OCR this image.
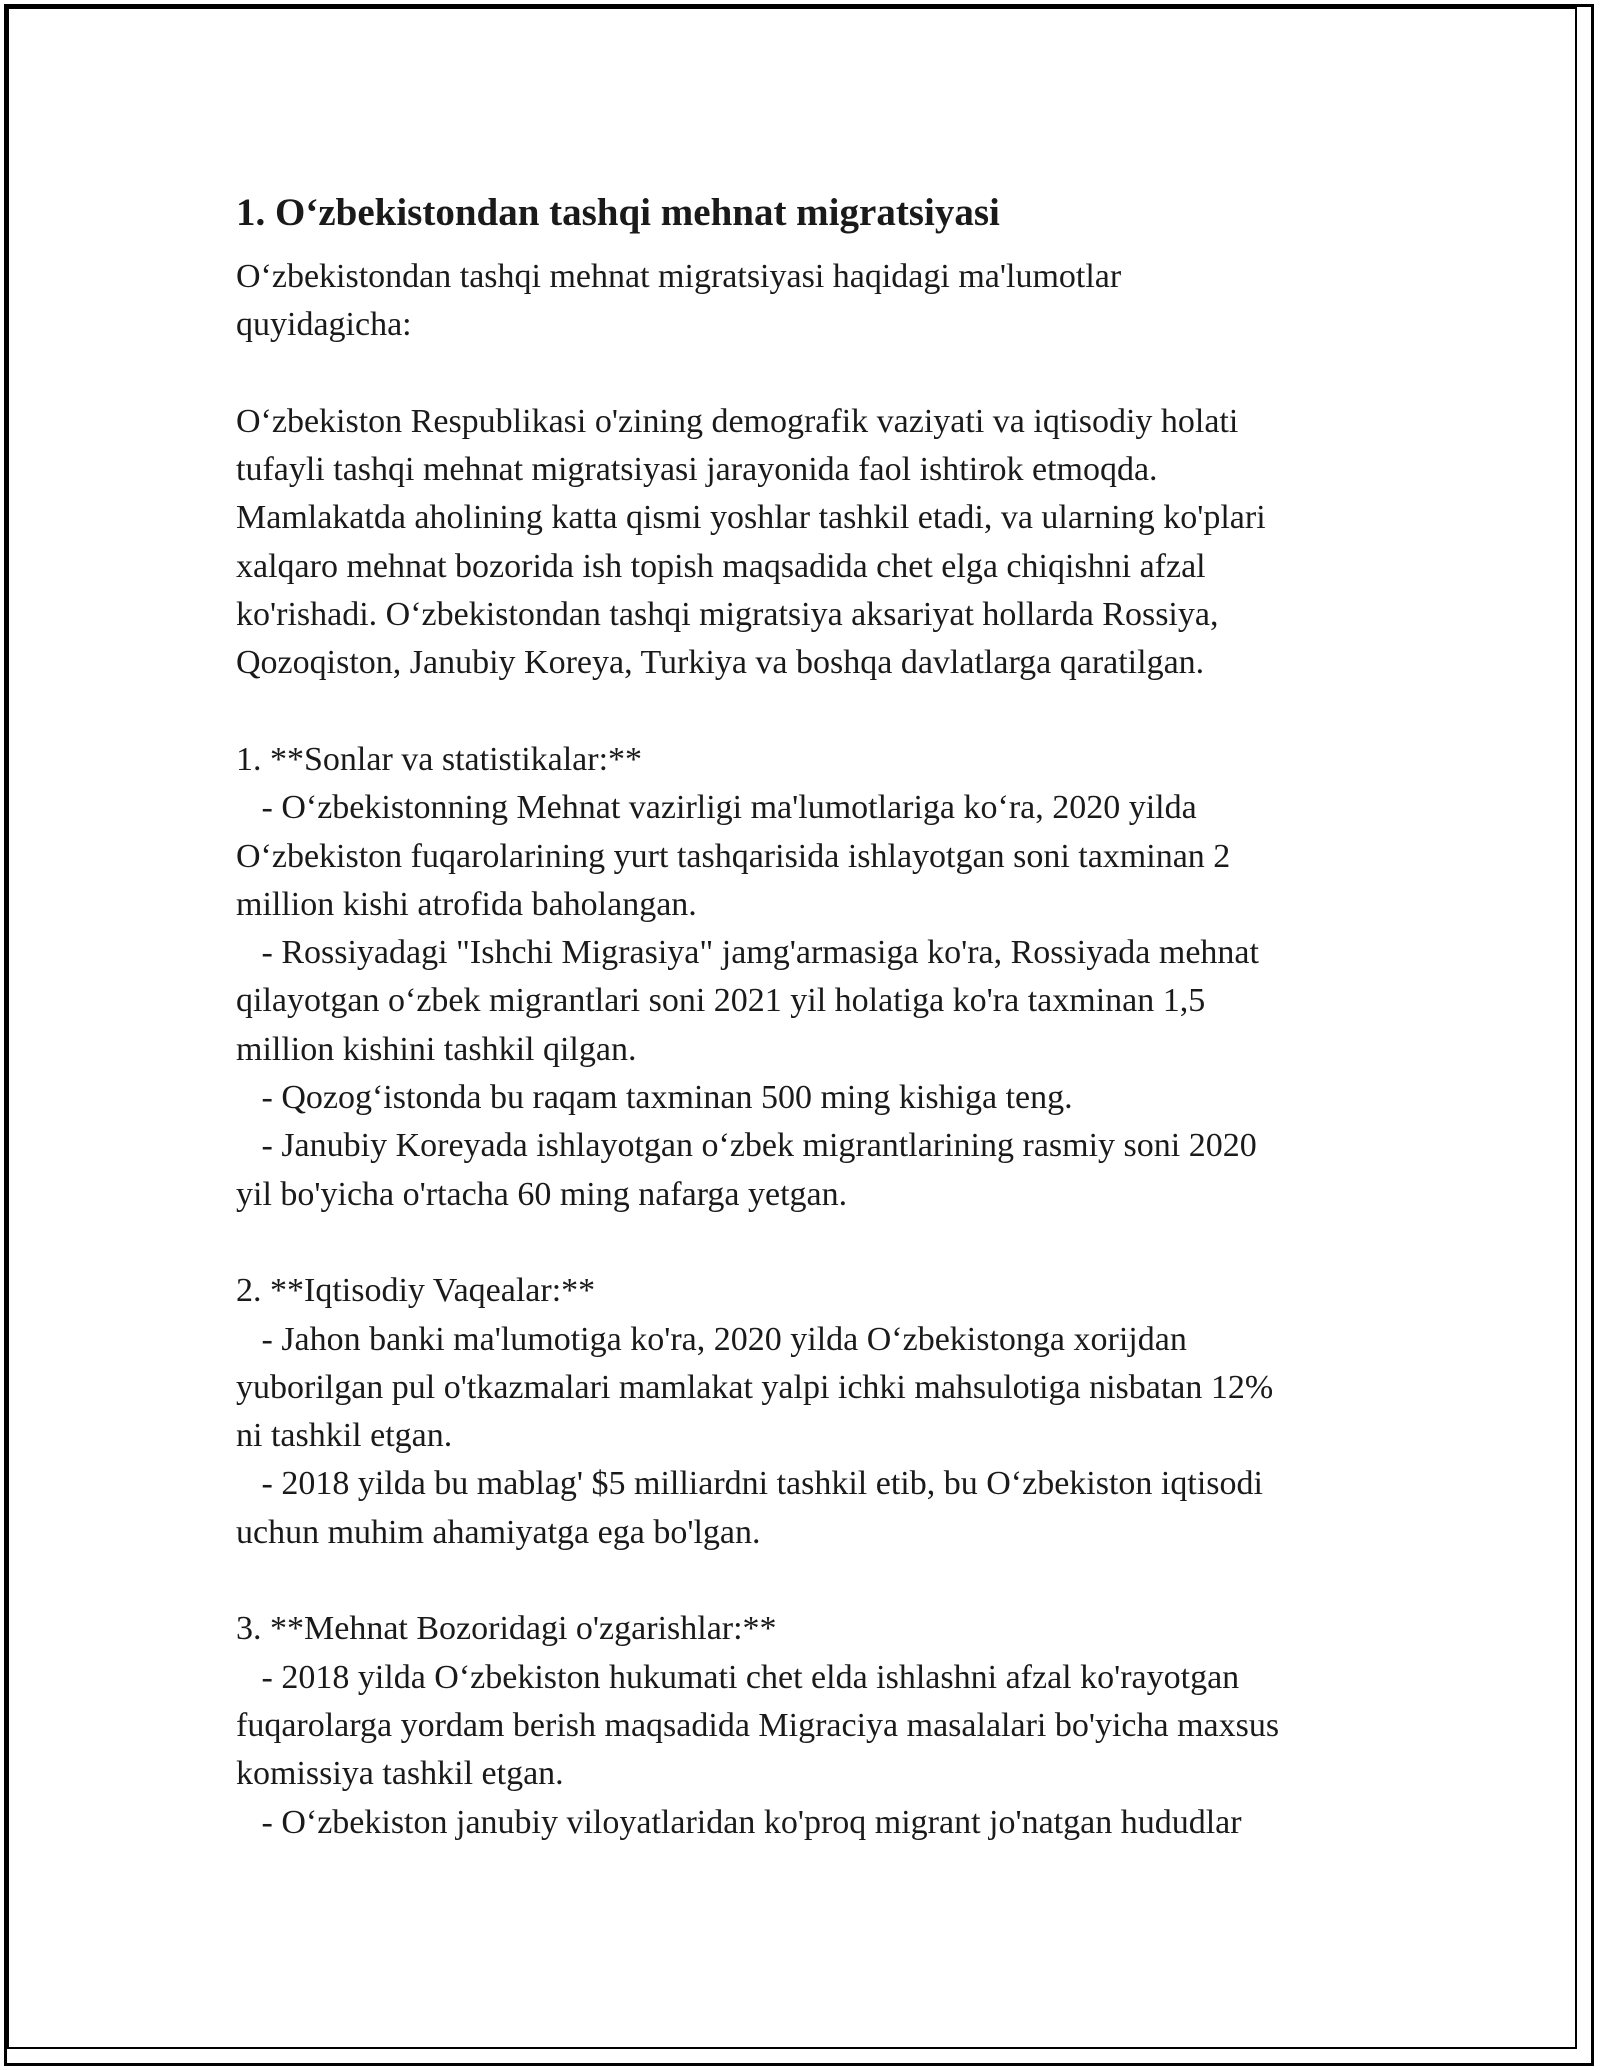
1. O‘zbekistondan tashqi mehnat migratsiyasi
O‘zbekistondan tashqi mehnat migratsiyasi haqidagi ma'lumotlar
quyidagicha:
O‘zbekiston Respublikasi o'zining demografik vaziyati va iqtisodiy holati
tufayli tashqi mehnat migratsiyasi jarayonida faol ishtirok etmoqda.
Mamlakatda aholining katta qismi yoshlar tashkil etadi, va ularning ko'plari
xalqaro mehnat bozorida ish topish maqsadida chet elga chiqishni afzal
ko'rishadi. O‘zbekistondan tashqi migratsiya aksariyat hollarda Rossiya,
Qozoqiston, Janubiy Koreya, Turkiya va boshqa davlatlarga qaratilgan.
1. **Sonlar va statistikalar:**
- O‘zbekistonning Mehnat vazirligi ma'lumotlariga ko‘ra, 2020 yilda
O‘zbekiston fuqarolarining yurt tashqarisida ishlayotgan soni taxminan 2
million kishi atrofida baholangan.
- Rossiyadagi "Ishchi Migrasiya" jamg'armasiga ko'ra, Rossiyada mehnat
qilayotgan o‘zbek migrantlari soni 2021 yil holatiga ko'ra taxminan 1,5
million kishini tashkil qilgan.
- Qozog‘istonda bu raqam taxminan 500 ming kishiga teng.
- Janubiy Koreyada ishlayotgan o‘zbek migrantlarining rasmiy soni 2020
yil bo'yicha o'rtacha 60 ming nafarga yetgan.
2. **Iqtisodiy Vaqealar:**
- Jahon banki ma'lumotiga ko'ra, 2020 yilda O‘zbekistonga xorijdan
yuborilgan pul o'tkazmalari mamlakat yalpi ichki mahsulotiga nisbatan 12%
ni tashkil etgan.
- 2018 yilda bu mablag' $5 milliardni tashkil etib, bu O‘zbekiston iqtisodi
uchun muhim ahamiyatga ega bo'lgan.
3. **Mehnat Bozoridagi o'zgarishlar:**
- 2018 yilda O‘zbekiston hukumati chet elda ishlashni afzal ko'rayotgan
fuqarolarga yordam berish maqsadida Migraciya masalalari bo'yicha maxsus
komissiya tashkil etgan.
- O‘zbekiston janubiy viloyatlaridan ko'proq migrant jo'natgan hududlar
